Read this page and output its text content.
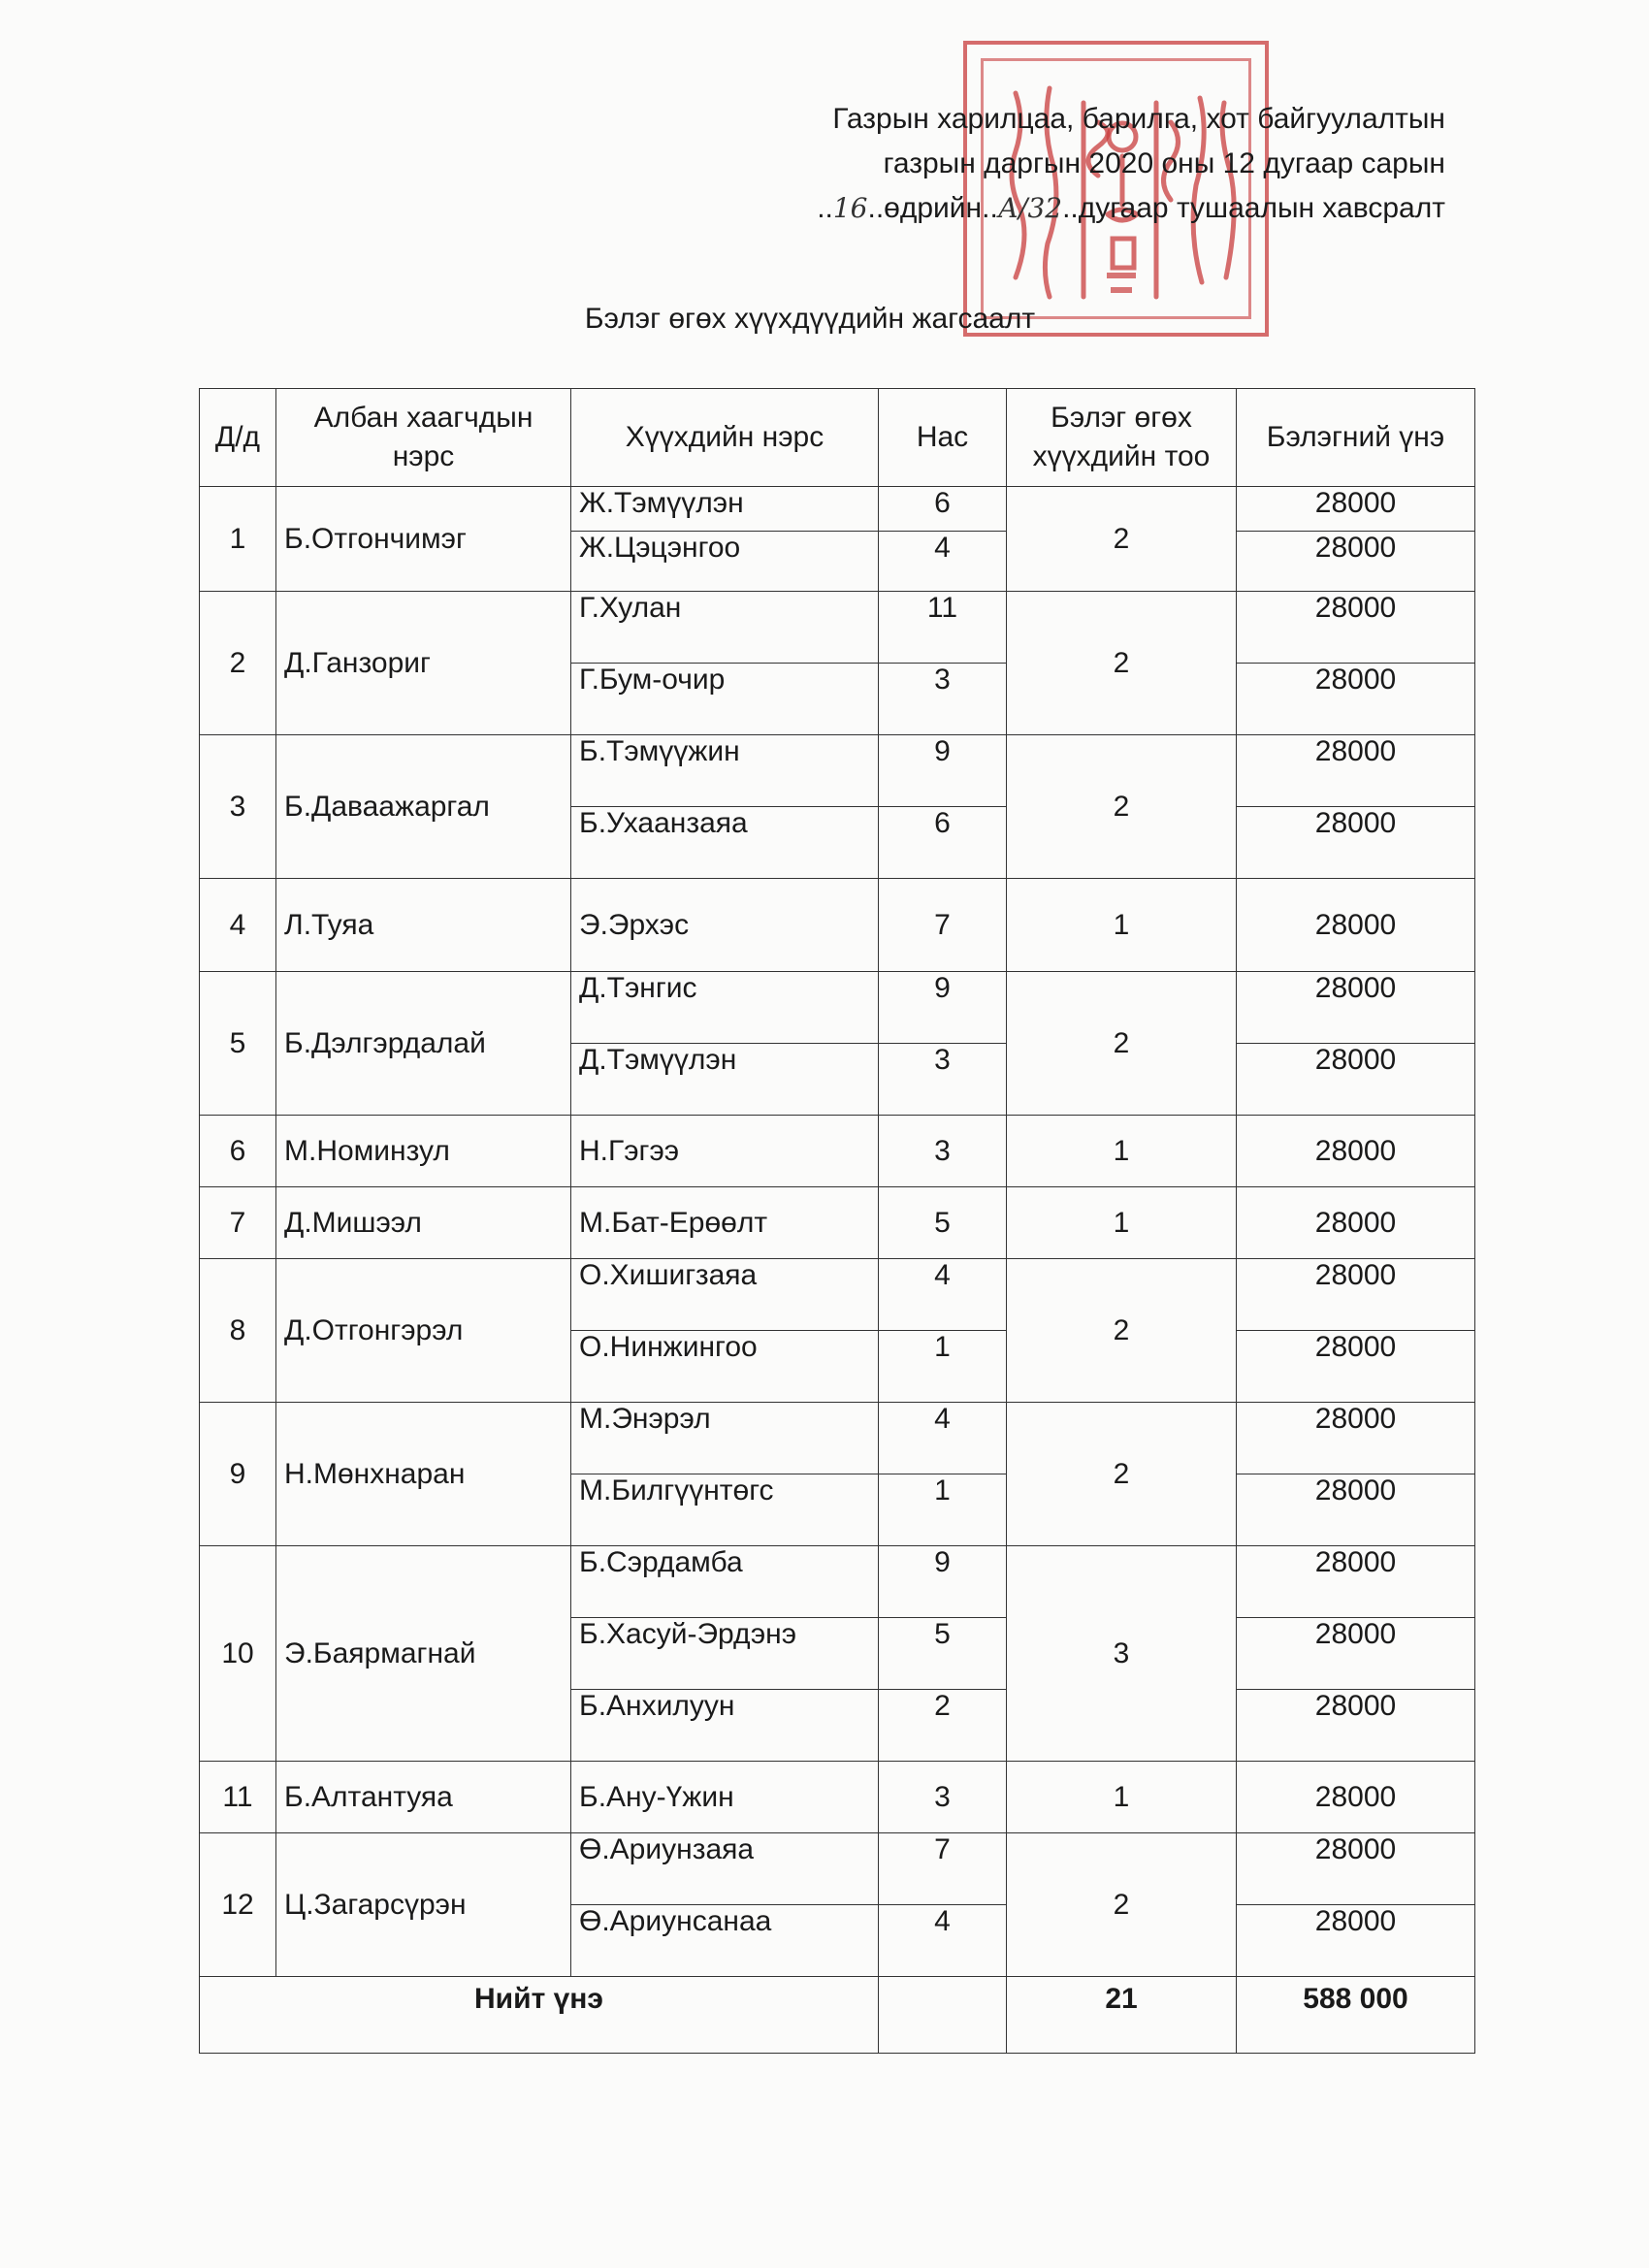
Газрын харилцаа, барилга, хот байгуулалтын
газрын даргын 2020 оны 12 дугаар сарын
..16..өдрийн..А/32..дугаар тушаалын хавсралт
Бэлэг өгөх хүүхдүүдийн жагсаалт
Д/д	Албан хаагчдын нэрс	Хүүхдийн нэрс	Нас	Бэлэг өгөх хүүхдийн тоо	Бэлэгний үнэ
1	Б.Отгончимэг	Ж.Тэмүүлэн	6	2	28000
		Ж.Цэцэнгоо	4		28000
2	Д.Ганзориг	Г.Хулан	11	2	28000
		Г.Бум-очир	3		28000
3	Б.Даваажаргал	Б.Тэмүүжин	9	2	28000
		Б.Ухаанзаяа	6		28000
4	Л.Туяа	Э.Эрхэс	7	1	28000
5	Б.Дэлгэрдалай	Д.Тэнгис	9	2	28000
		Д.Тэмүүлэн	3		28000
6	М.Номинзул	Н.Гэгээ	3	1	28000
7	Д.Мишээл	М.Бат-Ерөөлт	5	1	28000
8	Д.Отгонгэрэл	О.Хишигзаяа	4	2	28000
		О.Нинжингоо	1		28000
9	Н.Мөнхнаран	М.Энэрэл	4	2	28000
		М.Билгүүнтөгс	1		28000
10	Э.Баярмагнай	Б.Сэрдамба	9	3	28000
		Б.Хасуй-Эрдэнэ	5		28000
		Б.Анхилуун	2		28000
11	Б.Алтантуяа	Б.Ану-Үжин	3	1	28000
12	Ц.Загарсүрэн	Ө.Ариунзаяа	7	2	28000
		Ө.Ариунсанаа	4		28000
Нийт үнэ				21	588 000
